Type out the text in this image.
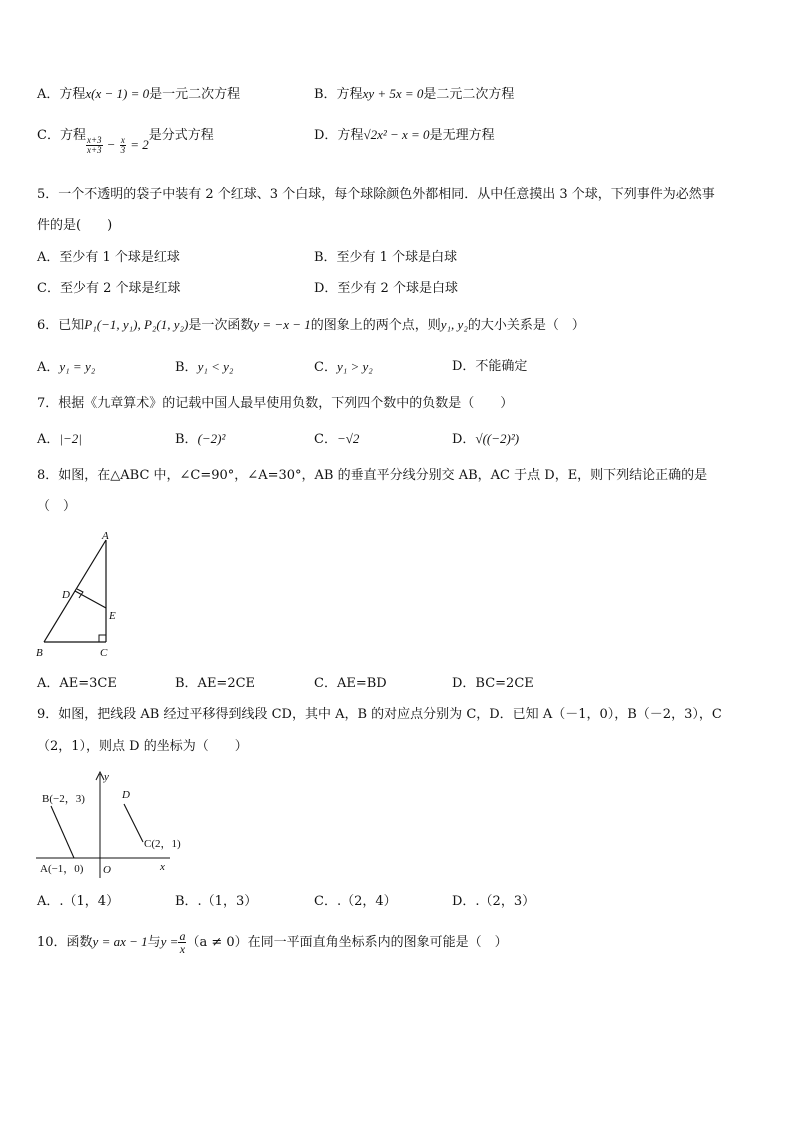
A．方程x(x − 1) = 0是一元二次方程	B．方程xy + 5x = 0是二元二次方程
C．方程
$\frac{x+3}{x+3} - \frac{x}{3} = 2$是分式方程	D．方程√2x² − x = 0是无理方程
5．一个不透明的袋子中装有 2 个红球、3 个白球，每个球除颜色外都相同．从中任意摸出 3 个球，下列事件为必然事
件的是(　　)
A．至少有 1 个球是红球	B．至少有 1 个球是白球
C．至少有 2 个球是红球	D．至少有 2 个球是白球
6．已知P₁(−1, y₁), P₂(1, y₂)是一次函数y = −x − 1的图象上的两个点，则y₁, y₂的大小关系是（　）
A．y₁ = y₂	B．y₁ < y₂	C．y₁ > y₂	D．不能确定
7．根据《九章算术》的记载中国人最早使用负数，下列四个数中的负数是（　　）
A．|−2|	B．(−2)²	C．−√2	D．√((−2)²)
8．如图，在△ABC 中，∠C=90°，∠A=30°，AB 的垂直平分线分别交 AB，AC 于点 D，E，则下列结论正确的是
（　）
A
D
E
B	C
A．AE=3CE	B．AE=2CE	C．AE=BD	D．BC=2CE
9．如图，把线段 AB 经过平移得到线段 CD，其中 A，B 的对应点分别为 C，D．已知 A（－1，0），B（－2，3），C
（2，1），则点 D 的坐标为（　　）
y
x
O
B(−2，3)	D
C(2，1)
A(−1，0)
A．.（1，4）	B．.（1，3）	C．.（2，4）	D．.（2，3）
10．函数y = ax − 1与$y = \frac{a}{x} (a \ne 0)$在同一平面直角坐标系内的图象可能是（　）
